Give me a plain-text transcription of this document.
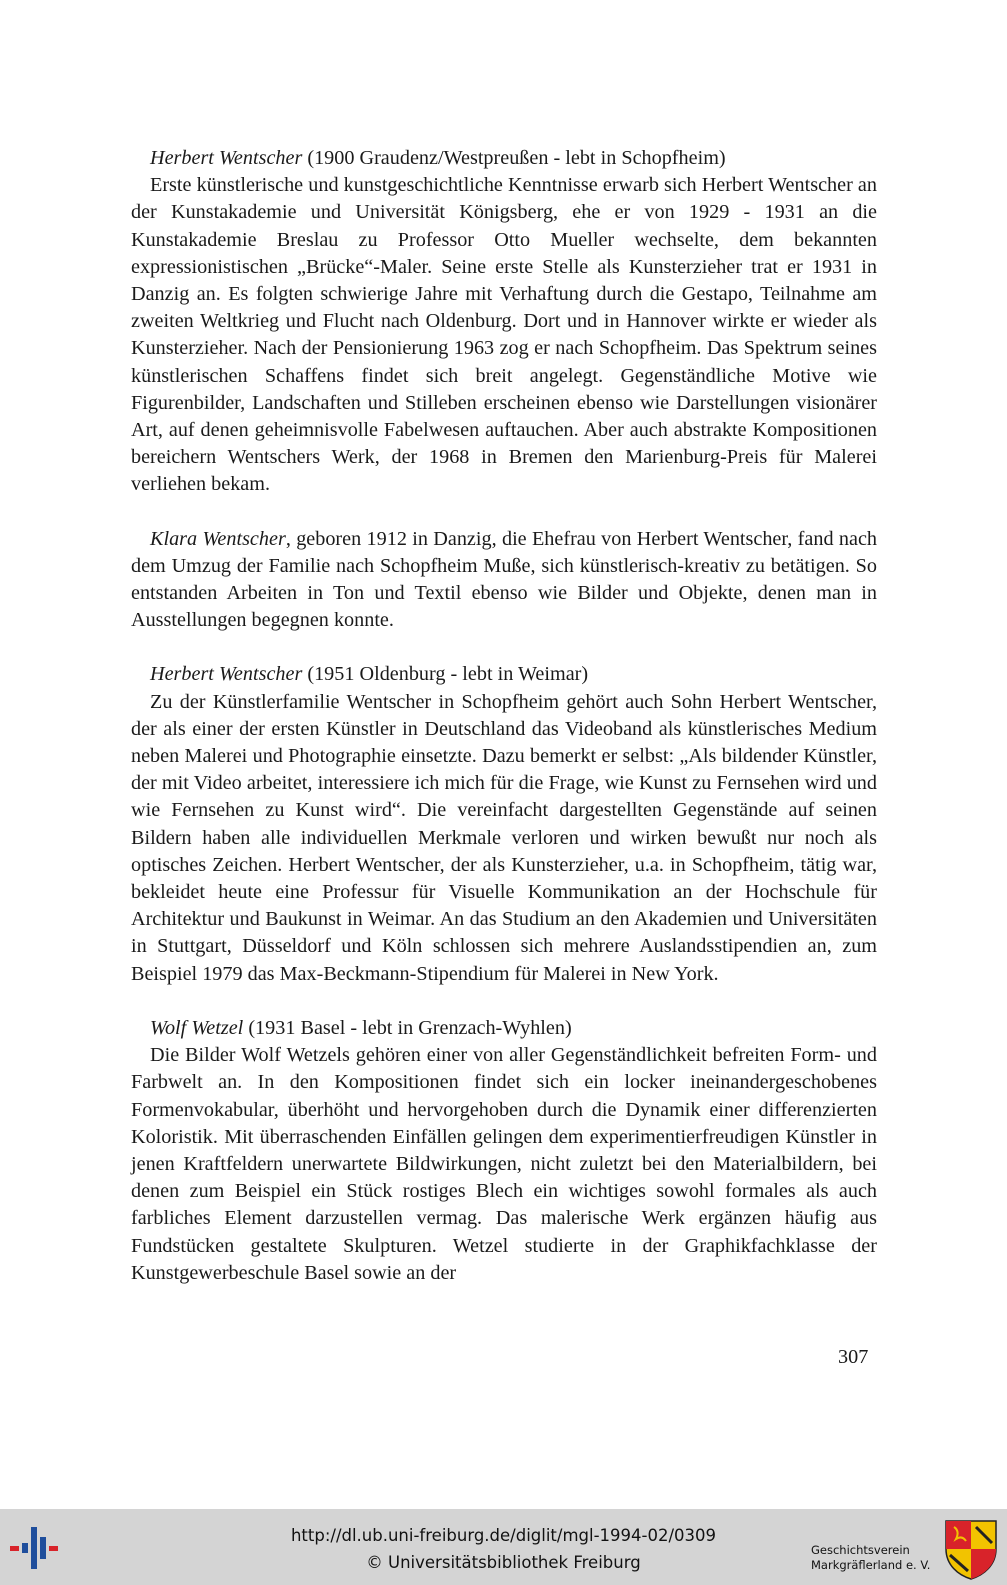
Herbert Wentscher (1900 Graudenz/Westpreußen - lebt in Schopfheim)

Erste künstlerische und kunstgeschichtliche Kenntnisse erwarb sich Herbert Wentscher an der Kunstakademie und Universität Königsberg, ehe er von 1929 - 1931 an die Kunstakademie Breslau zu Professor Otto Mueller wechselte, dem bekannten expressionistischen „Brücke“-Maler. Seine erste Stelle als Kunsterzieher trat er 1931 in Danzig an. Es folgten schwierige Jahre mit Verhaftung durch die Gestapo, Teilnahme am zweiten Weltkrieg und Flucht nach Oldenburg. Dort und in Hannover wirkte er wieder als Kunsterzieher. Nach der Pensionierung 1963 zog er nach Schopfheim. Das Spektrum seines künstlerischen Schaffens findet sich breit angelegt. Gegenständliche Motive wie Figurenbilder, Landschaften und Stilleben erscheinen ebenso wie Darstellungen visionärer Art, auf denen geheimnisvolle Fabelwesen auftauchen. Aber auch abstrakte Kompositionen bereichern Wentschers Werk, der 1968 in Bremen den Marienburg-Preis für Malerei verliehen bekam.

Klara Wentscher, geboren 1912 in Danzig, die Ehefrau von Herbert Wentscher, fand nach dem Umzug der Familie nach Schopfheim Muße, sich künstlerisch-kreativ zu betätigen. So entstanden Arbeiten in Ton und Textil ebenso wie Bilder und Objekte, denen man in Ausstellungen begegnen konnte.

Herbert Wentscher (1951 Oldenburg - lebt in Weimar)

Zu der Künstlerfamilie Wentscher in Schopfheim gehört auch Sohn Herbert Wentscher, der als einer der ersten Künstler in Deutschland das Videoband als künstlerisches Medium neben Malerei und Photographie einsetzte. Dazu bemerkt er selbst: „Als bildender Künstler, der mit Video arbeitet, interessiere ich mich für die Frage, wie Kunst zu Fernsehen wird und wie Fernsehen zu Kunst wird“. Die vereinfacht dargestellten Gegenstände auf seinen Bildern haben alle individuellen Merkmale verloren und wirken bewußt nur noch als optisches Zeichen. Herbert Wentscher, der als Kunsterzieher, u.a. in Schopfheim, tätig war, bekleidet heute eine Professur für Visuelle Kommunikation an der Hochschule für Architektur und Baukunst in Weimar. An das Studium an den Akademien und Universitäten in Stuttgart, Düsseldorf und Köln schlossen sich mehrere Auslandsstipendien an, zum Beispiel 1979 das Max-Beckmann-Stipendium für Malerei in New York.

Wolf Wetzel (1931 Basel - lebt in Grenzach-Wyhlen)

Die Bilder Wolf Wetzels gehören einer von aller Gegenständlichkeit befreiten Form- und Farbwelt an. In den Kompositionen findet sich ein locker ineinandergeschobenes Formenvokabular, überhöht und hervorgehoben durch die Dynamik einer differenzierten Koloristik. Mit überraschenden Einfällen gelingen dem experimentierfreudigen Künstler in jenen Kraftfeldern unerwartete Bildwirkungen, nicht zuletzt bei den Materialbildern, bei denen zum Beispiel ein Stück rostiges Blech ein wichtiges sowohl formales als auch farbliches Element darzustellen vermag. Das malerische Werk ergänzen häufig aus Fundstücken gestaltete Skulpturen. Wetzel studierte in der Graphikfachklasse der Kunstgewerbeschule Basel sowie an der

307
http://dl.ub.uni-freiburg.de/diglit/mgl-1994-02/0309
© Universitätsbibliothek Freiburg
Geschichtsverein
Markgräflerland e. V.
